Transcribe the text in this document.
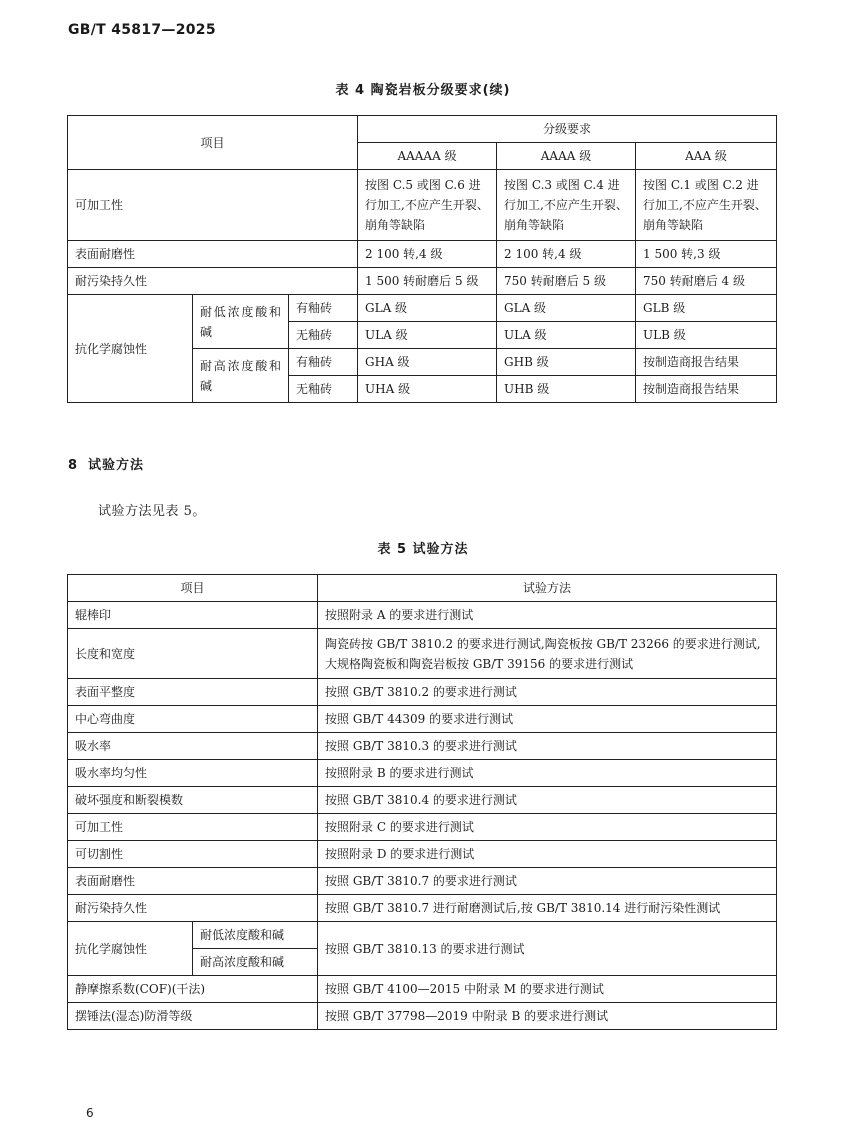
GB/T 45817—2025
表 4 陶瓷岩板分级要求(续)
项目			分级要求		
			AAAAA 级	AAAA 级	AAA 级
可加工性			按图 C.5 或图 C.6 进行加工,不应产生开裂、崩角等缺陷	按图 C.3 或图 C.4 进行加工,不应产生开裂、崩角等缺陷	按图 C.1 或图 C.2 进行加工,不应产生开裂、崩角等缺陷
表面耐磨性			2 100 转,4 级	2 100 转,4 级	1 500 转,3 级
耐污染持久性			1 500 转耐磨后 5 级	750 转耐磨后 5 级	750 转耐磨后 4 级
抗化学腐蚀性	耐低浓度酸和碱	有釉砖	GLA 级	GLA 级	GLB 级
		无釉砖	ULA 级	ULA 级	ULB 级
	耐高浓度酸和碱	有釉砖	GHA 级	GHB 级	按制造商报告结果
		无釉砖	UHA 级	UHB 级	按制造商报告结果
8 试验方法
试验方法见表 5。
表 5 试验方法
项目		试验方法
辊棒印		按照附录 A 的要求进行测试
长度和宽度		陶瓷砖按 GB/T 3810.2 的要求进行测试,陶瓷板按 GB/T 23266 的要求进行测试,大规格陶瓷板和陶瓷岩板按 GB/T 39156 的要求进行测试
表面平整度		按照 GB/T 3810.2 的要求进行测试
中心弯曲度		按照 GB/T 44309 的要求进行测试
吸水率		按照 GB/T 3810.3 的要求进行测试
吸水率均匀性		按照附录 B 的要求进行测试
破坏强度和断裂模数		按照 GB/T 3810.4 的要求进行测试
可加工性		按照附录 C 的要求进行测试
可切割性		按照附录 D 的要求进行测试
表面耐磨性		按照 GB/T 3810.7 的要求进行测试
耐污染持久性		按照 GB/T 3810.7 进行耐磨测试后,按 GB/T 3810.14 进行耐污染性测试
抗化学腐蚀性	耐低浓度酸和碱	按照 GB/T 3810.13 的要求进行测试
	耐高浓度酸和碱	
静摩擦系数(COF)(干法)		按照 GB/T 4100—2015 中附录 M 的要求进行测试
摆锤法(湿态)防滑等级		按照 GB/T 37798—2019 中附录 B 的要求进行测试
6
